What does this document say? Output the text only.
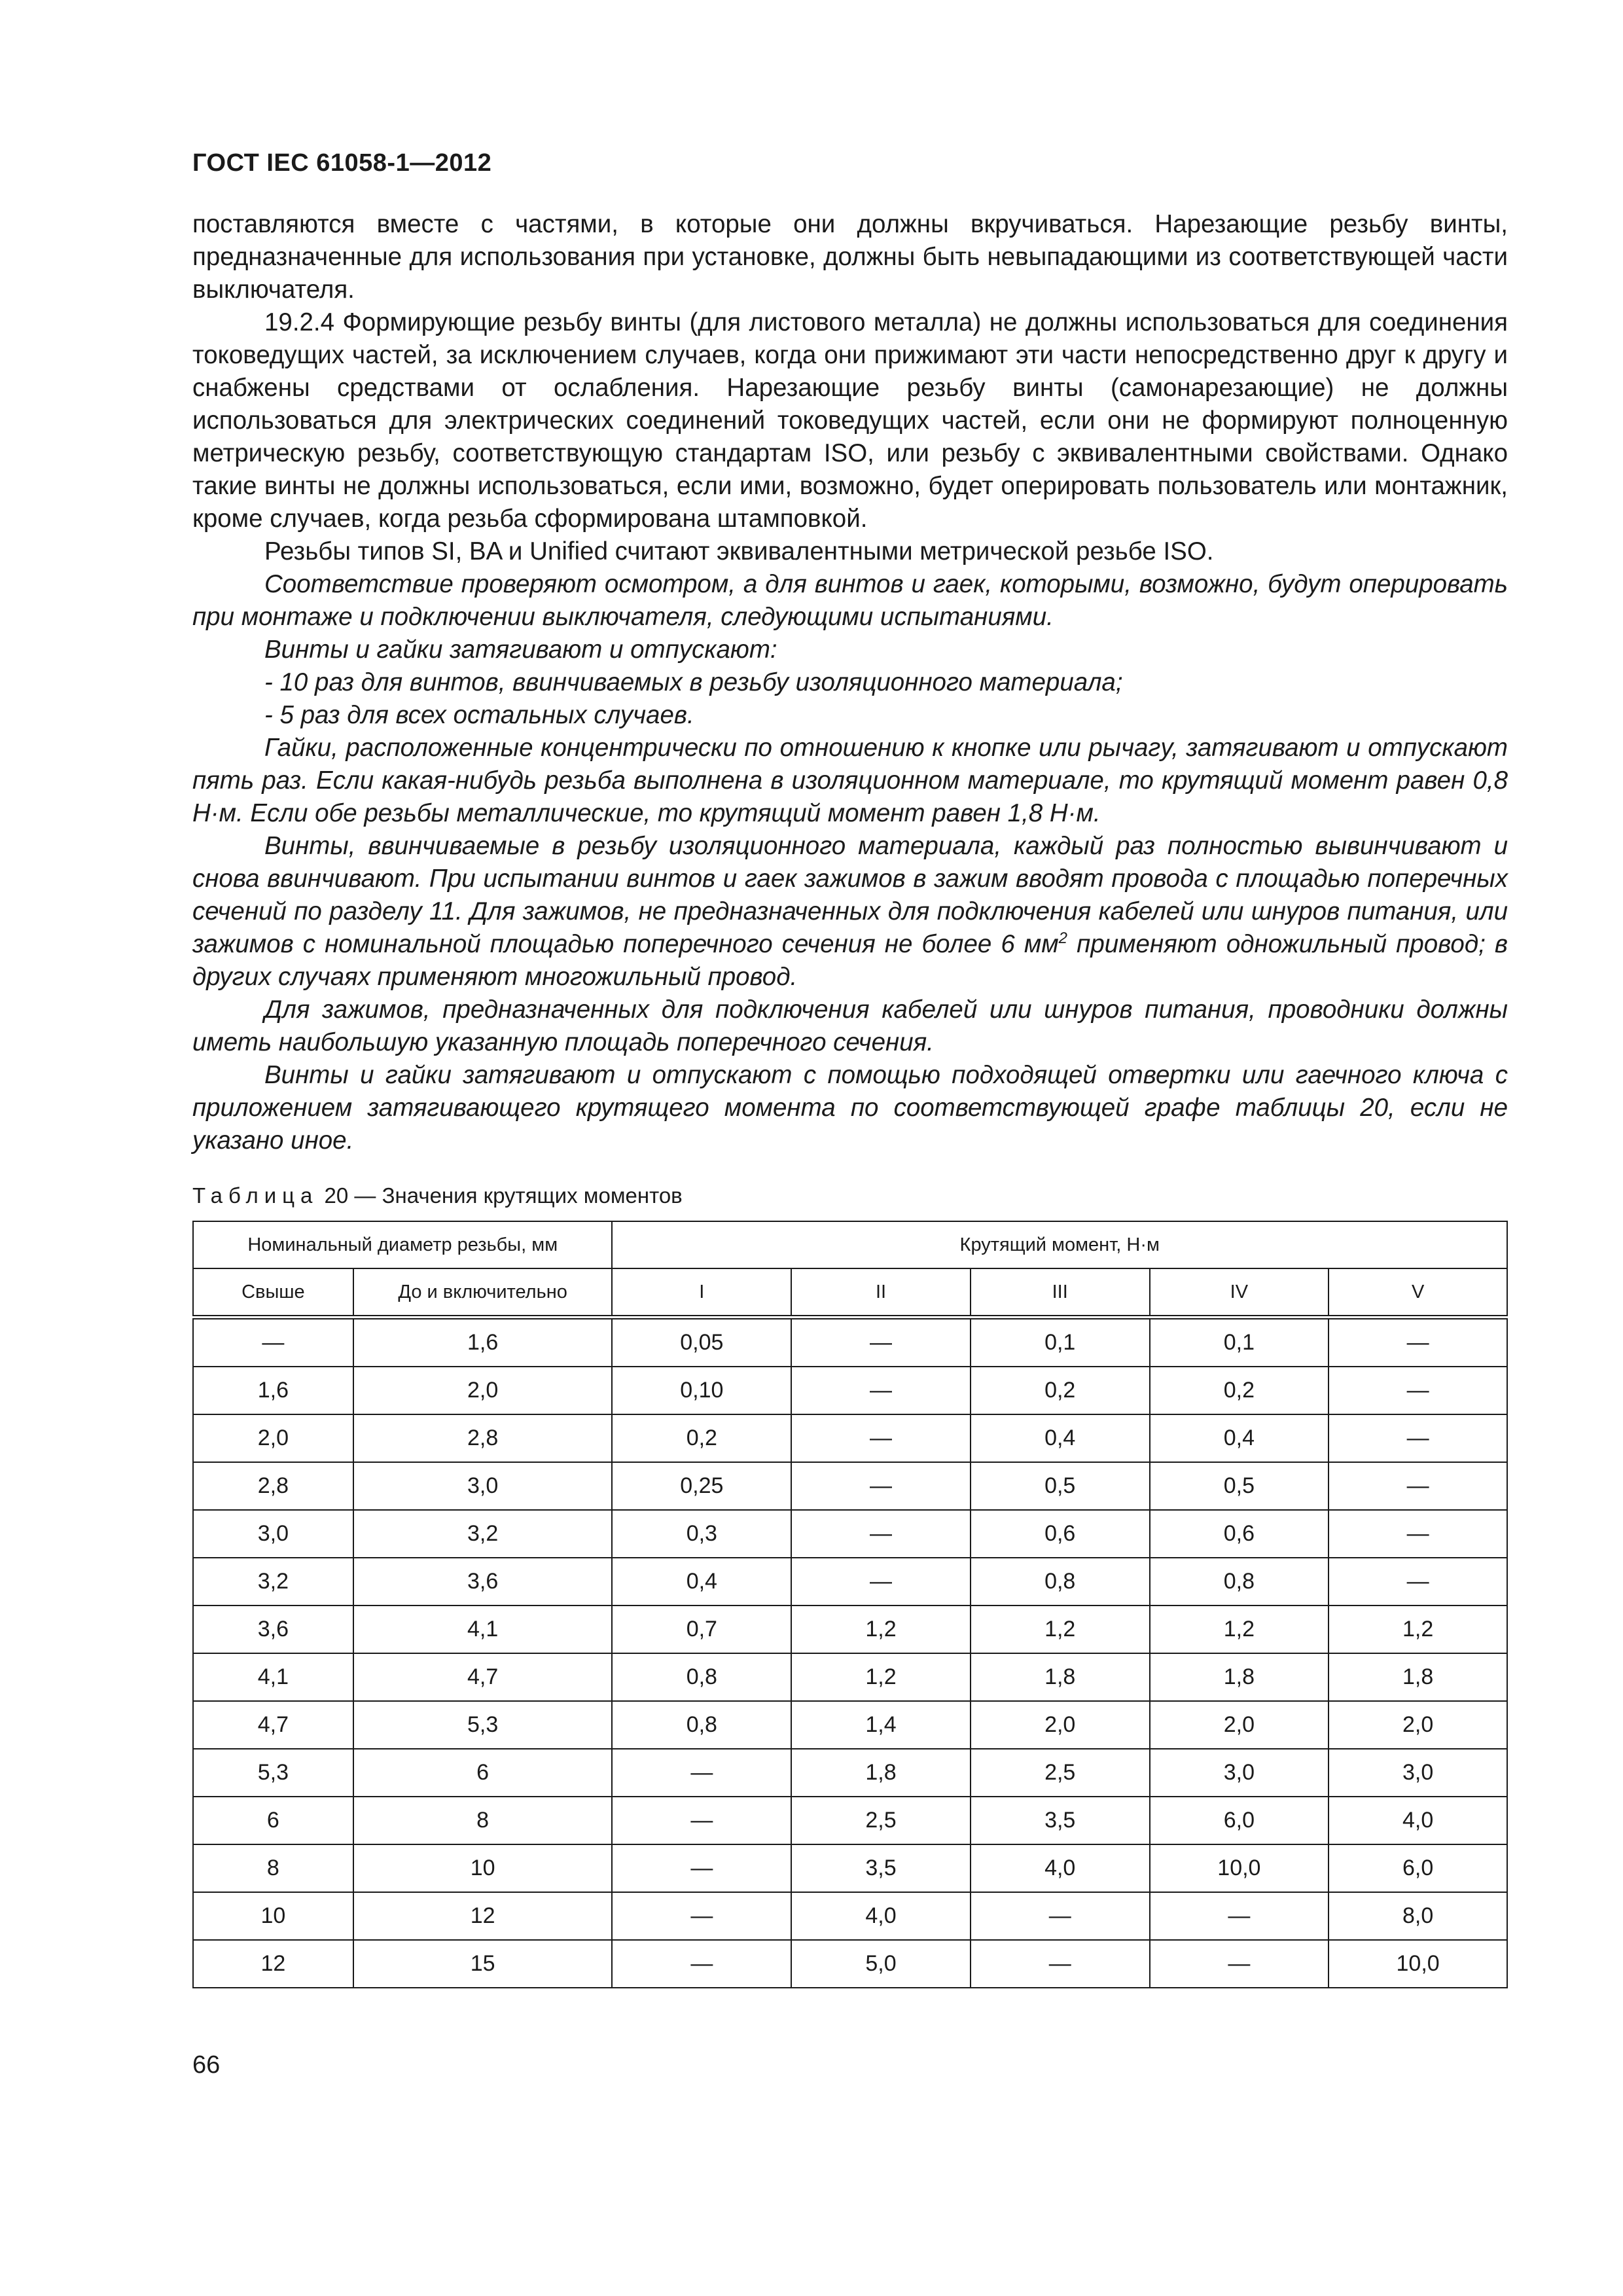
ГОСТ IEC 61058-1—2012

поставляются вместе с частями, в которые они должны вкручиваться. Нарезающие резьбу винты, предназначенные для использования при установке, должны быть невыпадающими из соответствующей части выключателя.

19.2.4 Формирующие резьбу винты (для листового металла) не должны использоваться для соединения токоведущих частей, за исключением случаев, когда они прижимают эти части непосредственно друг к другу и снабжены средствами от ослабления. Нарезающие резьбу винты (самонарезающие) не должны использоваться для электрических соединений токоведущих частей, если они не формируют полноценную метрическую резьбу, соответствующую стандартам ISO, или резьбу с эквивалентными свойствами. Однако такие винты не должны использоваться, если ими, возможно, будет оперировать пользователь или монтажник, кроме случаев, когда резьба сформирована штамповкой.

Резьбы типов SI, BA и Unified считают эквивалентными метрической резьбе ISO.

Соответствие проверяют осмотром, а для винтов и гаек, которыми, возможно, будут оперировать при монтаже и подключении выключателя, следующими испытаниями.

Винты и гайки затягивают и отпускают:

- 10 раз для винтов, ввинчиваемых в резьбу изоляционного материала;

- 5 раз для всех остальных случаев.

Гайки, расположенные концентрически по отношению к кнопке или рычагу, затягивают и отпускают пять раз. Если какая-нибудь резьба выполнена в изоляционном материале, то крутящий момент равен 0,8 Н·м. Если обе резьбы металлические, то крутящий момент равен 1,8 Н·м.

Винты, ввинчиваемые в резьбу изоляционного материала, каждый раз полностью вывинчивают и снова ввинчивают. При испытании винтов и гаек зажимов в зажим вводят провода с площадью поперечных сечений по разделу 11. Для зажимов, не предназначенных для подключения кабелей или шнуров питания, или зажимов с номинальной площадью поперечного сечения не более 6 $мм^2$ применяют одножильный провод; в других случаях применяют многожильный провод.

Для зажимов, предназначенных для подключения кабелей или шнуров питания, проводники должны иметь наибольшую указанную площадь поперечного сечения.

Винты и гайки затягивают и отпускают с помощью подходящей отвертки или гаечного ключа с приложением затягивающего крутящего момента по соответствующей графе таблицы 20, если не указано иное.

Таблица 20 — Значения крутящих моментов
Номинальный диаметр резьбы, мм		Крутящий момент, Н·м				
Свыше	До и включительно	I	II	III	IV	V
—	1,6	0,05	—	0,1	0,1	—
1,6	2,0	0,10	—	0,2	0,2	—
2,0	2,8	0,2	—	0,4	0,4	—
2,8	3,0	0,25	—	0,5	0,5	—
3,0	3,2	0,3	—	0,6	0,6	—
3,2	3,6	0,4	—	0,8	0,8	—
3,6	4,1	0,7	1,2	1,2	1,2	1,2
4,1	4,7	0,8	1,2	1,8	1,8	1,8
4,7	5,3	0,8	1,4	2,0	2,0	2,0
5,3	6	—	1,8	2,5	3,0	3,0
6	8	—	2,5	3,5	6,0	4,0
8	10	—	3,5	4,0	10,0	6,0
10	12	—	4,0	—	—	8,0
12	15	—	5,0	—	—	10,0
66
